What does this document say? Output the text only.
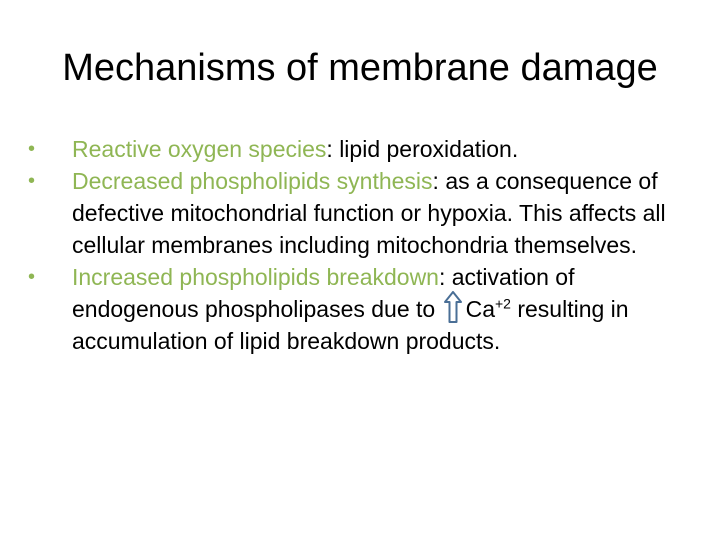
Mechanisms of membrane damage
•	Reactive oxygen species: lipid peroxidation.
•	Decreased phospholipids synthesis: as a consequence of defective mitochondrial function or hypoxia. This affects all cellular membranes including mitochondria themselves.
•	Increased phospholipids breakdown: activation of endogenous phospholipases due to $Ca^{+2}$ resulting in accumulation of lipid breakdown products.
